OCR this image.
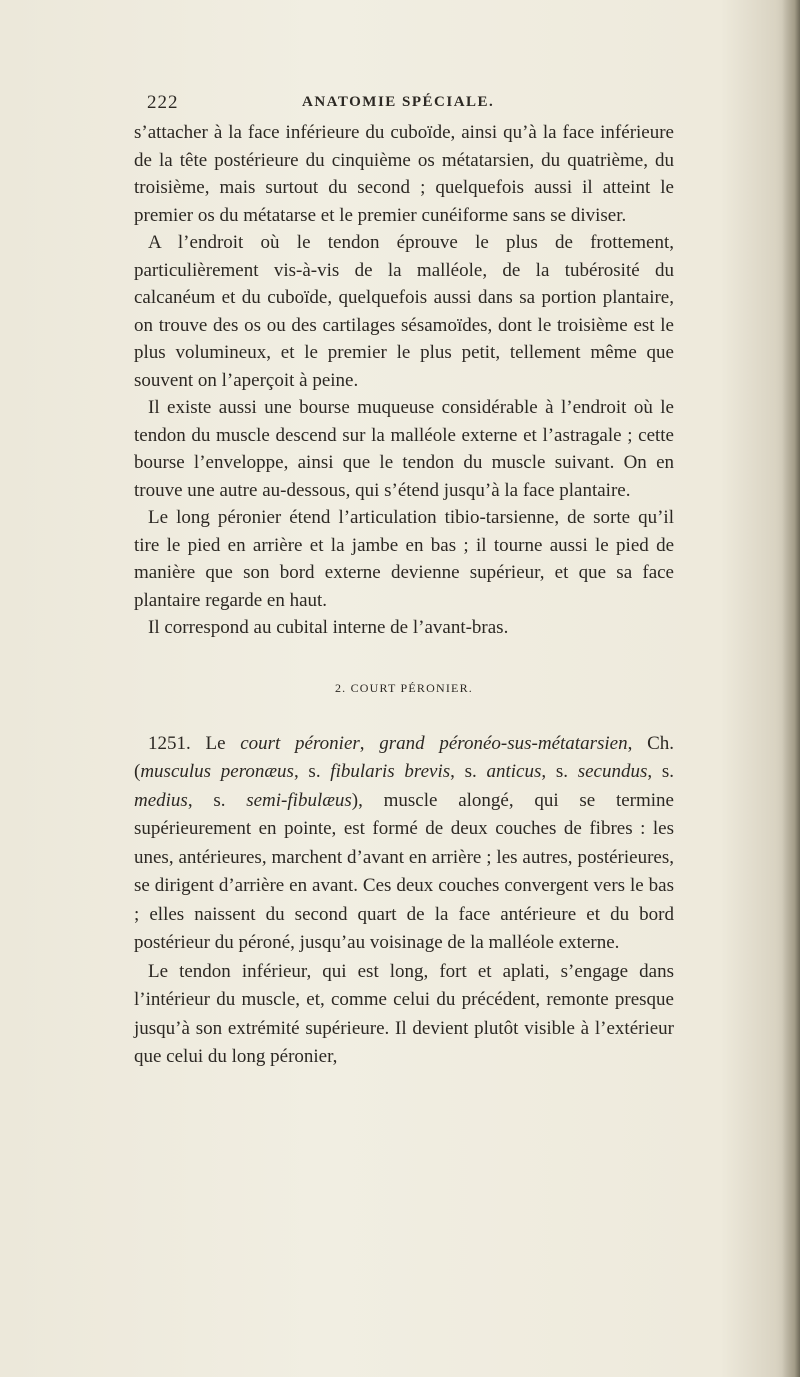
222	ANATOMIE SPÉCIALE.

s’attacher à la face inférieure du cuboïde, ainsi qu’à la face inférieure de la tête postérieure du cinquième os métatarsien, du quatrième, du troisième, mais surtout du second ; quelquefois aussi il atteint le premier os du métatarse et le premier cunéiforme sans se diviser.

A l’endroit où le tendon éprouve le plus de frottement, particulièrement vis-à-vis de la malléole, de la tubérosité du calcanéum et du cuboïde, quelquefois aussi dans sa portion plantaire, on trouve des os ou des cartilages sésamoïdes, dont le troisième est le plus volumineux, et le premier le plus petit, tellement même que souvent on l’aperçoit à peine.

Il existe aussi une bourse muqueuse considérable à l’endroit où le tendon du muscle descend sur la malléole externe et l’astragale ; cette bourse l’enveloppe, ainsi que le tendon du muscle suivant. On en trouve une autre au-dessous, qui s’étend jusqu’à la face plantaire.

Le long péronier étend l’articulation tibio-tarsienne, de sorte qu’il tire le pied en arrière et la jambe en bas ; il tourne aussi le pied de manière que son bord externe devienne supérieur, et que sa face plantaire regarde en haut.

Il correspond au cubital interne de l’avant-bras.

2. COURT PÉRONIER.

1251. Le court péronier, grand péronéo-sus-métatarsien, Ch. (musculus peronæus, s. fibularis brevis, s. anticus, s. secundus, s. medius, s. semi-fibulæus), muscle alongé, qui se termine supérieurement en pointe, est formé de deux couches de fibres : les unes, antérieures, marchent d’avant en arrière ; les autres, postérieures, se dirigent d’arrière en avant. Ces deux couches convergent vers le bas ; elles naissent du second quart de la face antérieure et du bord postérieur du péroné, jusqu’au voisinage de la malléole externe.

Le tendon inférieur, qui est long, fort et aplati, s’engage dans l’intérieur du muscle, et, comme celui du précédent, remonte presque jusqu’à son extrémité supérieure. Il devient plutôt visible à l’extérieur que celui du long péronier,
